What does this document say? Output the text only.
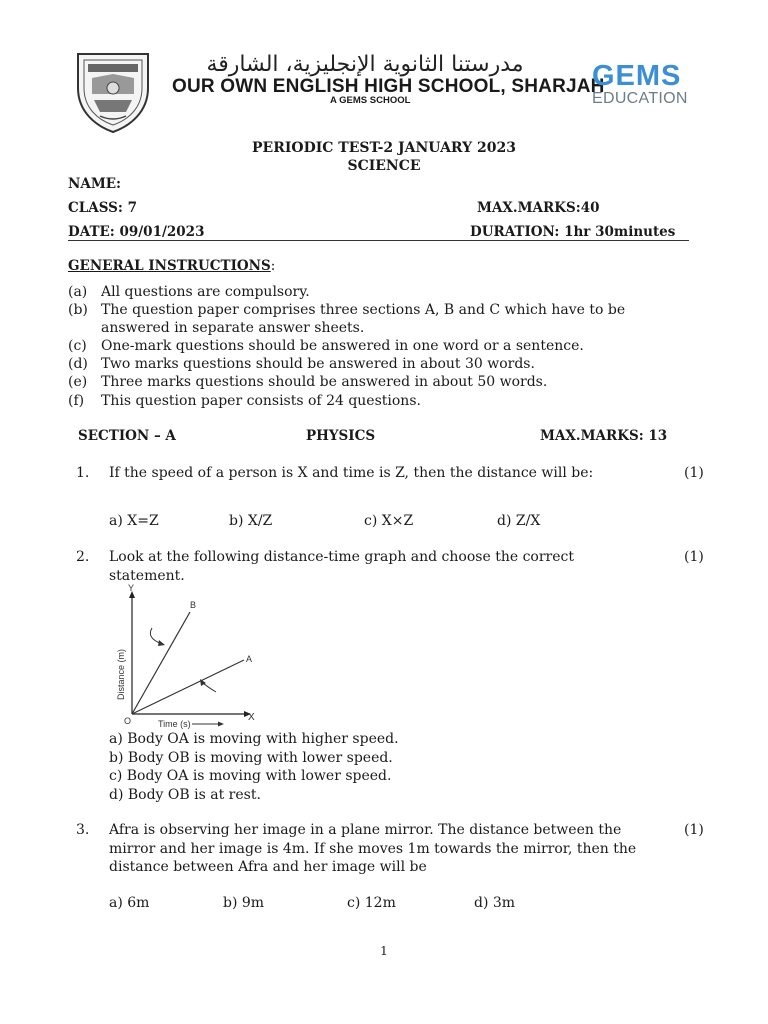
مدرستنا الثانوية الإنجليزية، الشارقة
OUR OWN ENGLISH HIGH SCHOOL, SHARJAH
A GEMS SCHOOL
GEMS
EDUCATION
PERIODIC TEST-2 JANUARY 2023
SCIENCE
NAME:
CLASS: 7	MAX.MARKS:40
DATE: 09/01/2023	DURATION: 1hr 30minutes
GENERAL INSTRUCTIONS:
(a) All questions are compulsory.
(b) The question paper comprises three sections A, B and C which have to be
answered in separate answer sheets.
(c) One-mark questions should be answered in one word or a sentence.
(d) Two marks questions should be answered in about 30 words.
(e) Three marks questions should be answered in about 50 words.
(f) This question paper consists of 24 questions.
SECTION – A	PHYSICS	MAX.MARKS: 13
1. If the speed of a person is X and time is Z, then the distance will be:	(1)
a) X=Z	b) X/Z	c) X×Z	d) Z/X
2. Look at the following distance-time graph and choose the correct
statement.
(1)
Y
X
O
Distance (m)
Time (s)
B
A
a) Body OA is moving with higher speed.
b) Body OB is moving with lower speed.
c) Body OA is moving with lower speed.
d) Body OB is at rest.
3. Afra is observing her image in a plane mirror. The distance between the
mirror and her image is 4m. If she moves 1m towards the mirror, then the
distance between Afra and her image will be
(1)
a) 6m	b) 9m	c) 12m	d) 3m
1
